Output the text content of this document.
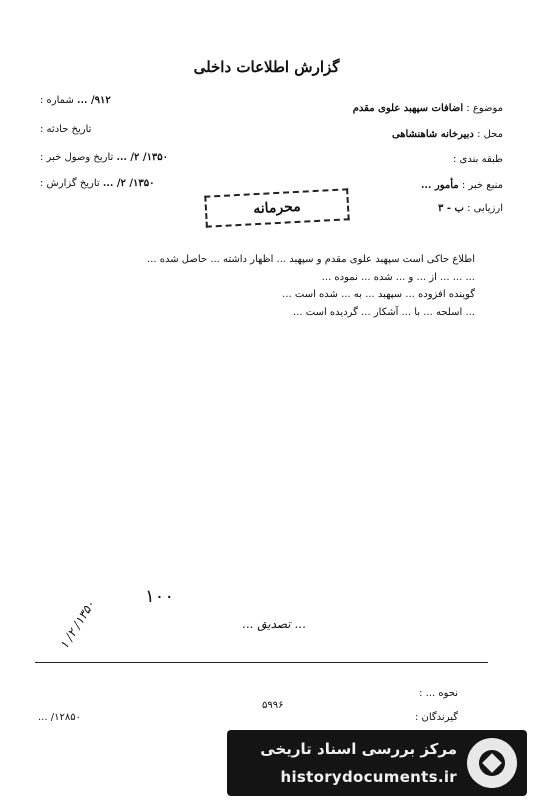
گزارش اطلاعات داخلی
موضوع : اضافات سپهبد علوی مقدم
محل : دبیرخانه شاهنشاهی
طبقه بندی :
منبع خبر : مأمور ...
ارزیابی : ب - ۳
۹۱۲/ ... شماره :
تاریخ حادثه :
۱۳۵۰/ ۲/ ... تاریخ وصول خبر :
۱۳۵۰/ ۲/ ... تاریخ گزارش :
محرمانه

اطلاع حاکی است سپهبد علوی مقدم و سپهبد ... اظهار داشته ... حاصل شده ...

... ... ... از ... و ... شده ... نموده ...

گوینده افزوده ... سپهبد ... به ... شده است ...

... اسلحه ... با ... آشکار ... گردیده است ...

۱۰۰
... تصدیق ...
۱۳۵۰/ ۲/ ۱
نحوه ... :
گیرندگان :
۱۲۸۵۰/ ...
۵۹۹۶
مرکز بررسی اسناد تاریخی
historydocuments.ir
